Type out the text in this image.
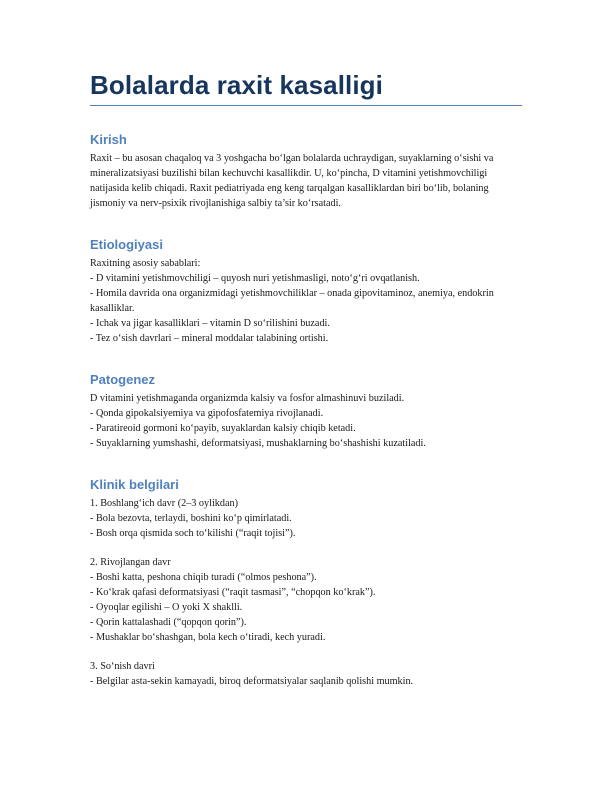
Bolalarda raxit kasalligi
Kirish

Raxit – bu asosan chaqaloq va 3 yoshgacha bo‘lgan bolalarda uchraydigan, suyaklarning o‘sishi va mineralizatsiyasi buzilishi bilan kechuvchi kasallikdir. U, ko‘pincha, D vitamini yetishmovchiligi natijasida kelib chiqadi. Raxit pediatriyada eng keng tarqalgan kasalliklardan biri bo‘lib, bolaning jismoniy va nerv-psixik rivojlanishiga salbiy ta’sir ko‘rsatadi.

Etiologiyasi

Raxitning asosiy sabablari:

- D vitamini yetishmovchiligi – quyosh nuri yetishmasligi, noto‘g‘ri ovqatlanish.

- Homila davrida ona organizmidagi yetishmovchiliklar – onada gipovitaminoz, anemiya, endokrin kasalliklar.

- Ichak va jigar kasalliklari – vitamin D so‘rilishini buzadi.

- Tez o‘sish davrlari – mineral moddalar talabining ortishi.

Patogenez

D vitamini yetishmaganda organizmda kalsiy va fosfor almashinuvi buziladi.

- Qonda gipokalsiyemiya va gipofosfatemiya rivojlanadi.

- Paratireoid gormoni ko‘payib, suyaklardan kalsiy chiqib ketadi.

- Suyaklarning yumshashi, deformatsiyasi, mushaklarning bo‘shashishi kuzatiladi.

Klinik belgilari

1. Boshlang‘ich davr (2–3 oylikdan)

- Bola bezovta, terlaydi, boshini ko‘p qimirlatadi.

- Bosh orqa qismida soch to‘kilishi (“raqit tojisi”).

2. Rivojlangan davr

- Boshi katta, peshona chiqib turadi (“olmos peshona”).

- Ko‘krak qafasi deformatsiyasi (“raqit tasmasi”, “chopqon ko‘krak”).

- Oyoqlar egilishi – O yoki X shaklli.

- Qorin kattalashadi (“qopqon qorin”).

- Mushaklar bo‘shashgan, bola kech o‘tiradi, kech yuradi.

3. So‘nish davri

- Belgilar asta-sekin kamayadi, biroq deformatsiyalar saqlanib qolishi mumkin.
